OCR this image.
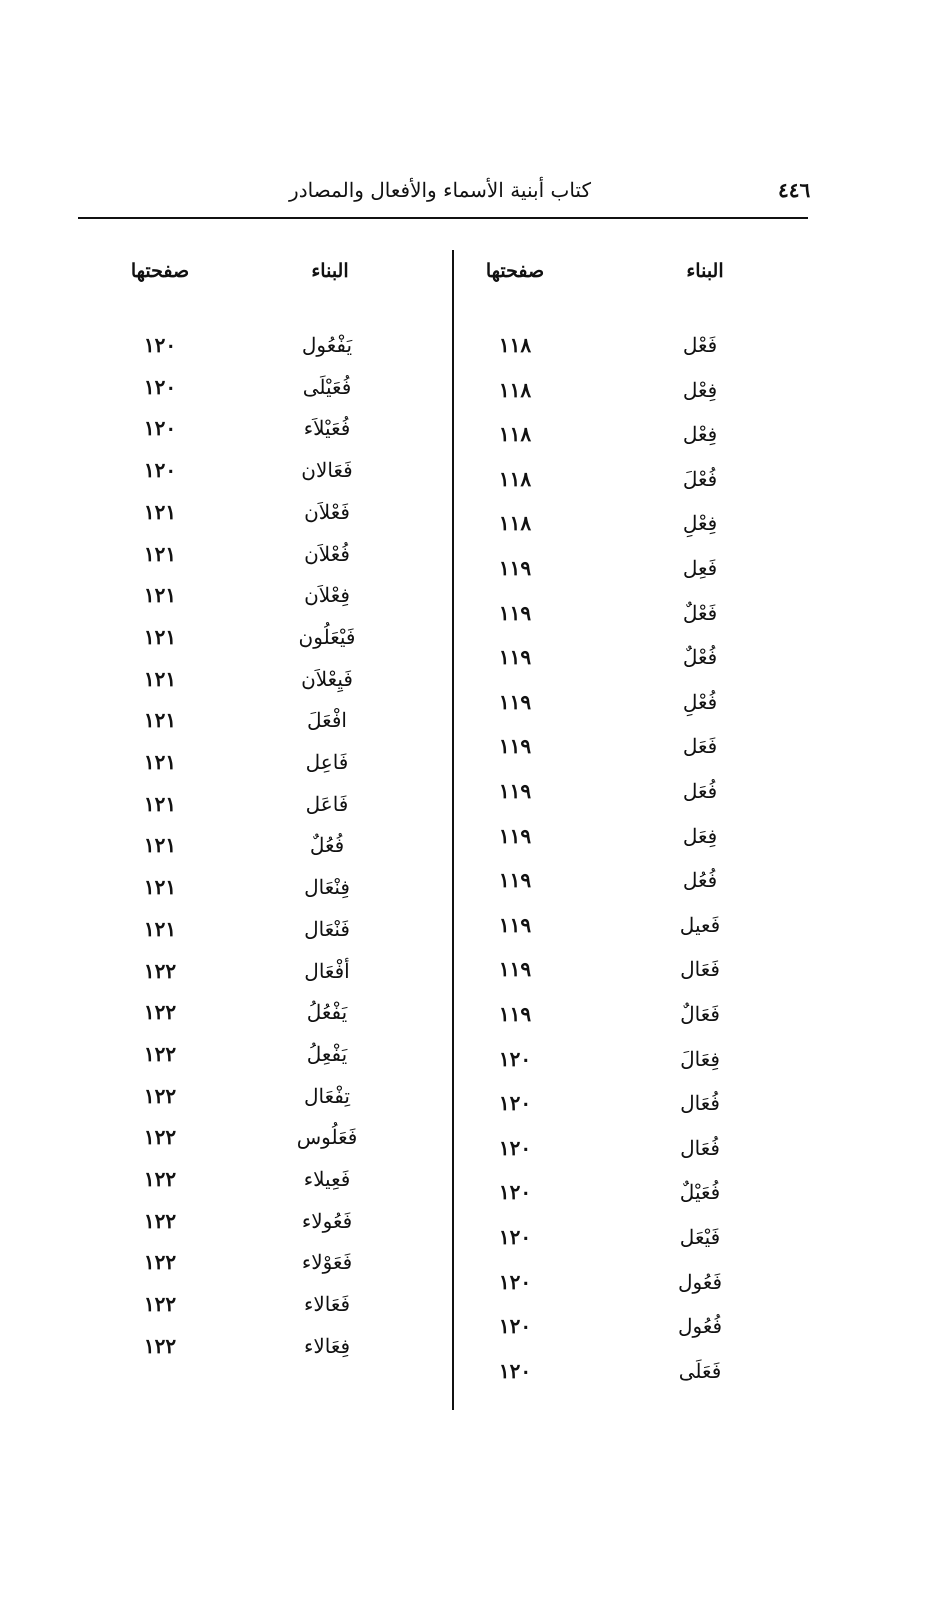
٤٤٦
كتاب أبنية الأسماء والأفعال والمصادر
البناء
صفحتها
البناء
صفحتها
فَعْل
١١٨
فِعْل
١١٨
فِعْل
١١٨
فُعْلَ
١١٨
فِعْلِ
١١٨
فَعِل
١١٩
فَعْلٌ
١١٩
فُعْلٌ
١١٩
فُعْلِ
١١٩
فَعَل
١١٩
فُعَل
١١٩
فِعَل
١١٩
فُعُل
١١٩
فَعيل
١١٩
فَعَال
١١٩
فَعَالٌ
١١٩
فِعَالَ
١٢٠
فُعَال
١٢٠
فُعَال
١٢٠
فُعَيْلٌ
١٢٠
فَيْعَل
١٢٠
فَعُول
١٢٠
فُعُول
١٢٠
فَعَلَى
١٢٠
يَفْعُول
١٢٠
فُعَيْلَى
١٢٠
فُعَيْلاَء
١٢٠
فَعَالان
١٢٠
فَعْلاَن
١٢١
فُعْلاَن
١٢١
فِعْلاَن
١٢١
فَيْعَلُون
١٢١
فَيِعْلاَن
١٢١
افْعَلَ
١٢١
فَاعِل
١٢١
فَاعَل
١٢١
فُعُلٌ
١٢١
فِنْعَال
١٢١
فَنْعَال
١٢١
أفْعَال
١٢٢
يَفْعُلُ
١٢٢
يَفْعِلُ
١٢٢
تِفْعَال
١٢٢
فَعَلُوس
١٢٢
فَعِيلاء
١٢٢
فَعُولاء
١٢٢
فَعَوْلاء
١٢٢
فَعَالاء
١٢٢
فِعَالاء
١٢٢
